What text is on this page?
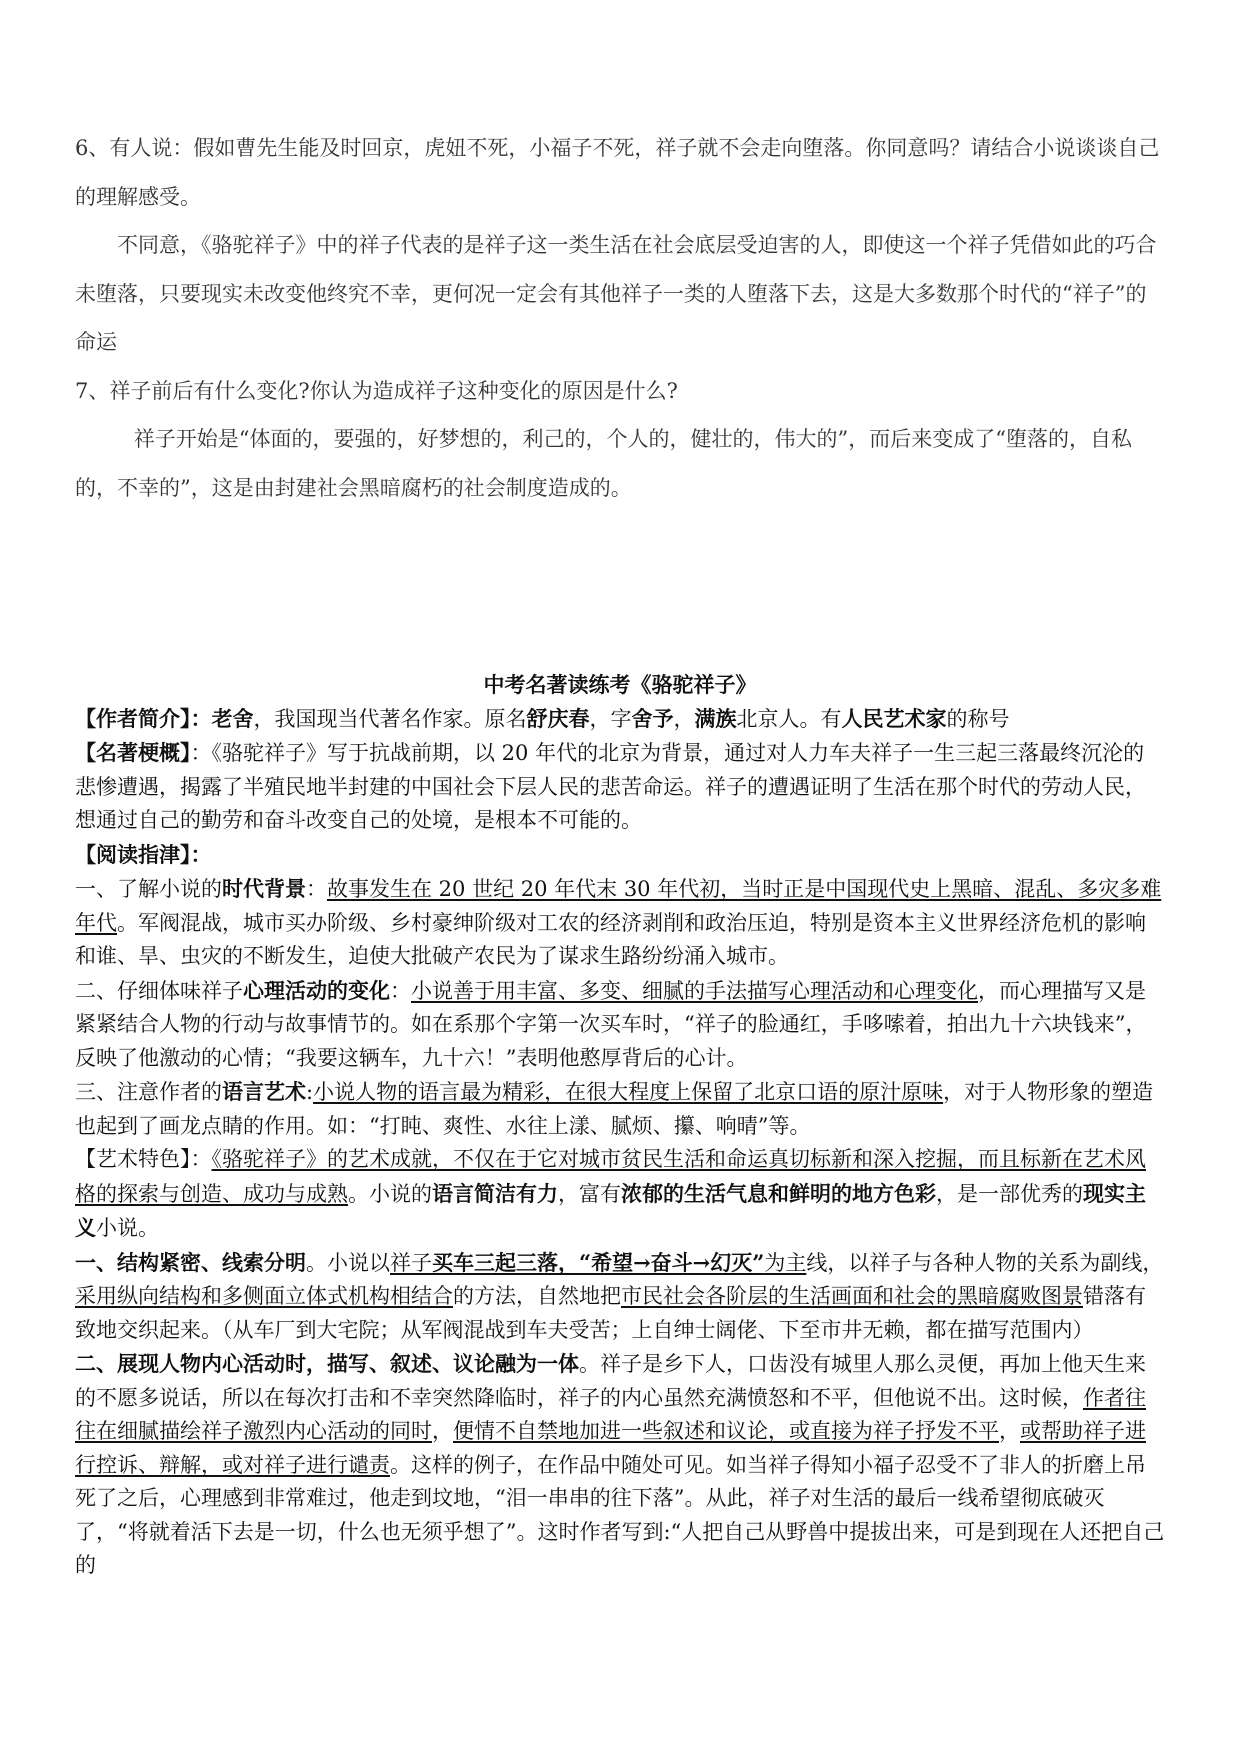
6、有人说：假如曹先生能及时回京，虎妞不死，小福子不死，祥子就不会走向堕落。你同意吗？请结合小说谈谈自己的理解感受。

不同意，《骆驼祥子》中的祥子代表的是祥子这一类生活在社会底层受迫害的人，即使这一个祥子凭借如此的巧合未堕落，只要现实未改变他终究不幸，更何况一定会有其他祥子一类的人堕落下去，这是大多数那个时代的“祥子”的命运

7、祥子前后有什么变化?你认为造成祥子这种变化的原因是什么?

祥子开始是“体面的，要强的，好梦想的，利己的，个人的，健壮的，伟大的”，而后来变成了“堕落的，自私的，不幸的”，这是由封建社会黑暗腐朽的社会制度造成的。

中考名著读练考《骆驼祥子》

【作者简介】：老舍，我国现当代著名作家。原名舒庆春，字舍予，满族北京人。有人民艺术家的称号

【名著梗概】：《骆驼祥子》写于抗战前期，以 20 年代的北京为背景，通过对人力车夫祥子一生三起三落最终沉沦的悲惨遭遇，揭露了半殖民地半封建的中国社会下层人民的悲苦命运。祥子的遭遇证明了生活在那个时代的劳动人民，想通过自己的勤劳和奋斗改变自己的处境，是根本不可能的。

【阅读指津】：

一、了解小说的时代背景：故事发生在 20 世纪 20 年代末 30 年代初，当时正是中国现代史上黑暗、混乱、多灾多难年代。军阀混战，城市买办阶级、乡村豪绅阶级对工农的经济剥削和政治压迫，特别是资本主义世界经济危机的影响和谁、旱、虫灾的不断发生，迫使大批破产农民为了谋求生路纷纷涌入城市。

二、仔细体味祥子心理活动的变化：小说善于用丰富、多变、细腻的手法描写心理活动和心理变化，而心理描写又是紧紧结合人物的行动与故事情节的。如在系那个字第一次买车时，“祥子的脸通红，手哆嗦着，拍出九十六块钱来”，反映了他激动的心情；“我要这辆车，九十六！”表明他憨厚背后的心计。

三、注意作者的语言艺术:小说人物的语言最为精彩，在很大程度上保留了北京口语的原汁原味，对于人物形象的塑造也起到了画龙点睛的作用。如：“打盹、爽性、水往上漾、腻烦、攥、响晴”等。

【艺术特色】：《骆驼祥子》的艺术成就，不仅在于它对城市贫民生活和命运真切标新和深入挖掘，而且标新在艺术风格的探索与创造、成功与成熟。小说的语言简洁有力，富有浓郁的生活气息和鲜明的地方色彩，是一部优秀的现实主义小说。

一、结构紧密、线索分明。小说以祥子买车三起三落，“希望→奋斗→幻灭”为主线，以祥子与各种人物的关系为副线，采用纵向结构和多侧面立体式机构相结合的方法，自然地把市民社会各阶层的生活画面和社会的黑暗腐败图景错落有致地交织起来。（从车厂到大宅院；从军阀混战到车夫受苦；上自绅士阔佬、下至市井无赖，都在描写范围内）

二、展现人物内心活动时，描写、叙述、议论融为一体。祥子是乡下人，口齿没有城里人那么灵便，再加上他天生来的不愿多说话，所以在每次打击和不幸突然降临时，祥子的内心虽然充满愤怒和不平，但他说不出。这时候，作者往往在细腻描绘祥子激烈内心活动的同时，便情不自禁地加进一些叙述和议论，或直接为祥子抒发不平，或帮助祥子进行控诉、辩解，或对祥子进行谴责。这样的例子，在作品中随处可见。如当祥子得知小福子忍受不了非人的折磨上吊死了之后，心理感到非常难过，他走到坟地，“泪一串串的往下落”。从此，祥子对生活的最后一线希望彻底破灭了，“将就着活下去是一切，什么也无须乎想了”。这时作者写到:“人把自己从野兽中提拔出来，可是到现在人还把自己的
